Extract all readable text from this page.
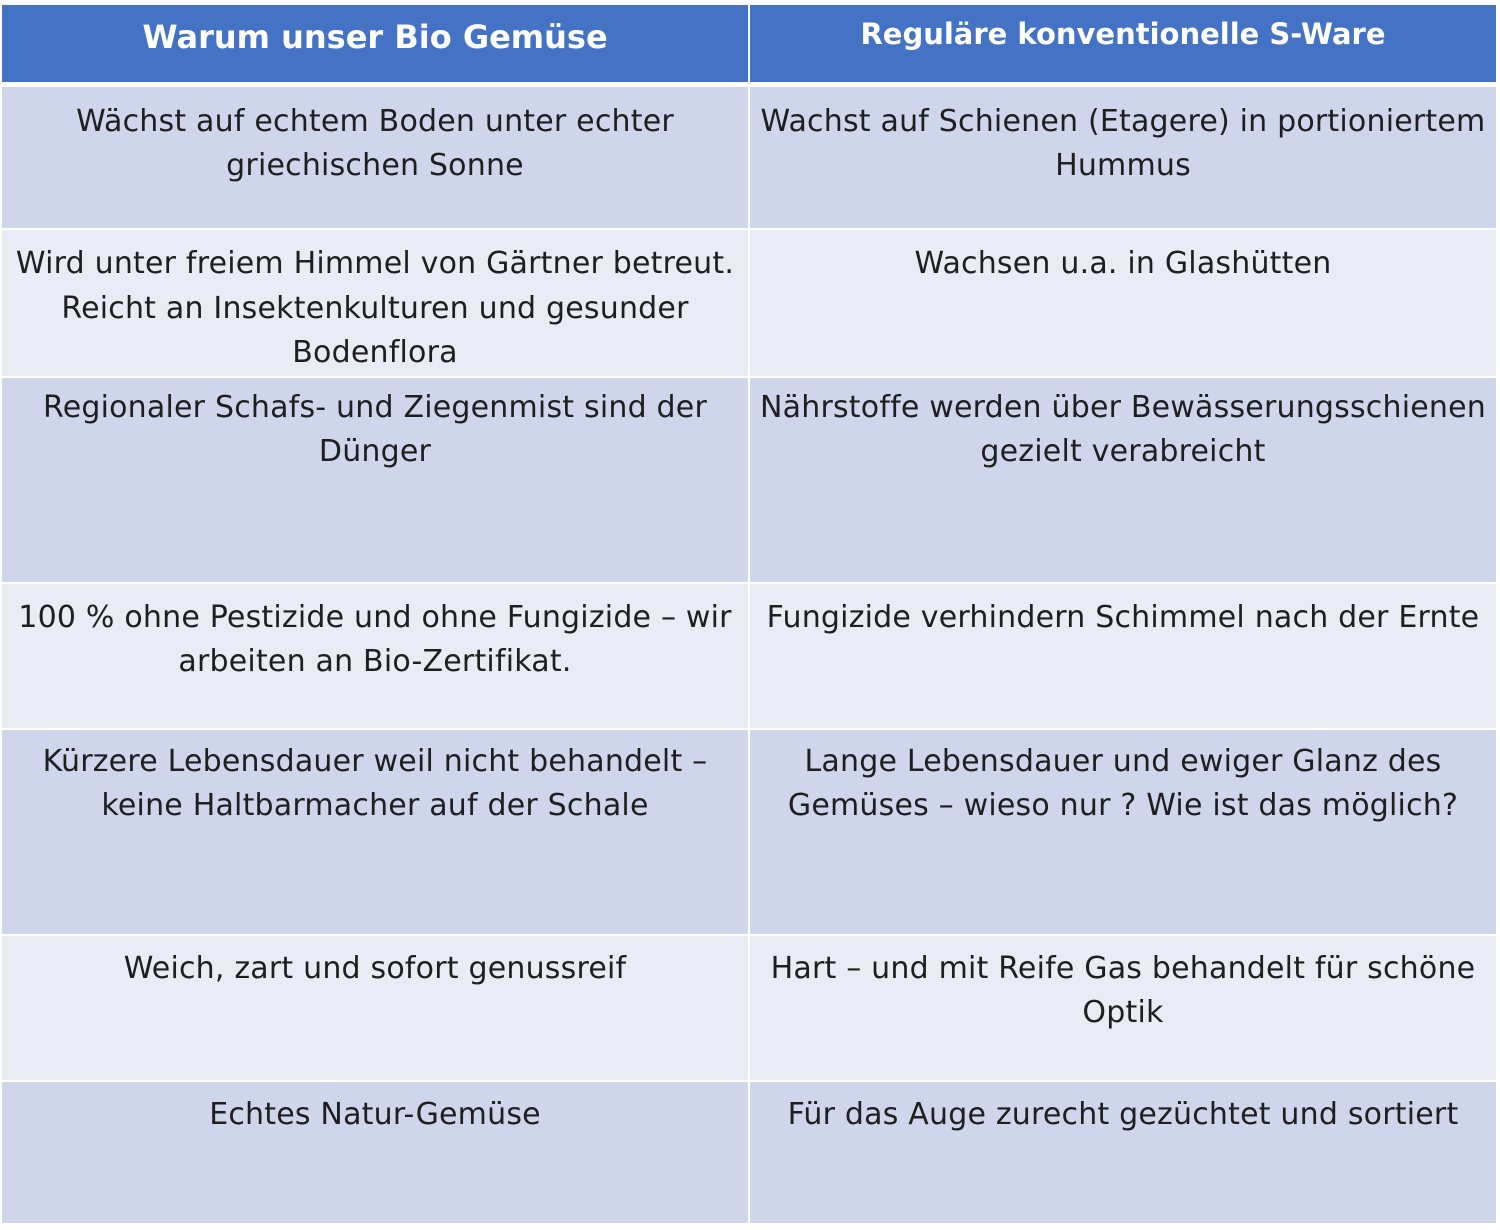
Warum unser Bio Gemüse	Reguläre konventionelle S-Ware
Wächst auf echtem Boden unter echter griechischen Sonne	Wachst auf Schienen (Etagere) in portioniertem Hummus
Wird unter freiem Himmel von Gärtner betreut. Reicht an Insektenkulturen und gesunder Bodenflora	Wachsen u.a. in Glashütten
Regionaler Schafs- und Ziegenmist sind der Dünger	Nährstoffe werden über Bewässerungsschienen gezielt verabreicht
100 % ohne Pestizide und ohne Fungizide – wir arbeiten an Bio-Zertifikat.	Fungizide verhindern Schimmel nach der Ernte
Kürzere Lebensdauer weil nicht behandelt – keine Haltbarmacher auf der Schale	Lange Lebensdauer und ewiger Glanz des Gemüses – wieso nur ? Wie ist das möglich?
Weich, zart und sofort genussreif	Hart – und mit Reife Gas behandelt für schöne Optik
Echtes Natur-Gemüse	Für das Auge zurecht gezüchtet und sortiert
